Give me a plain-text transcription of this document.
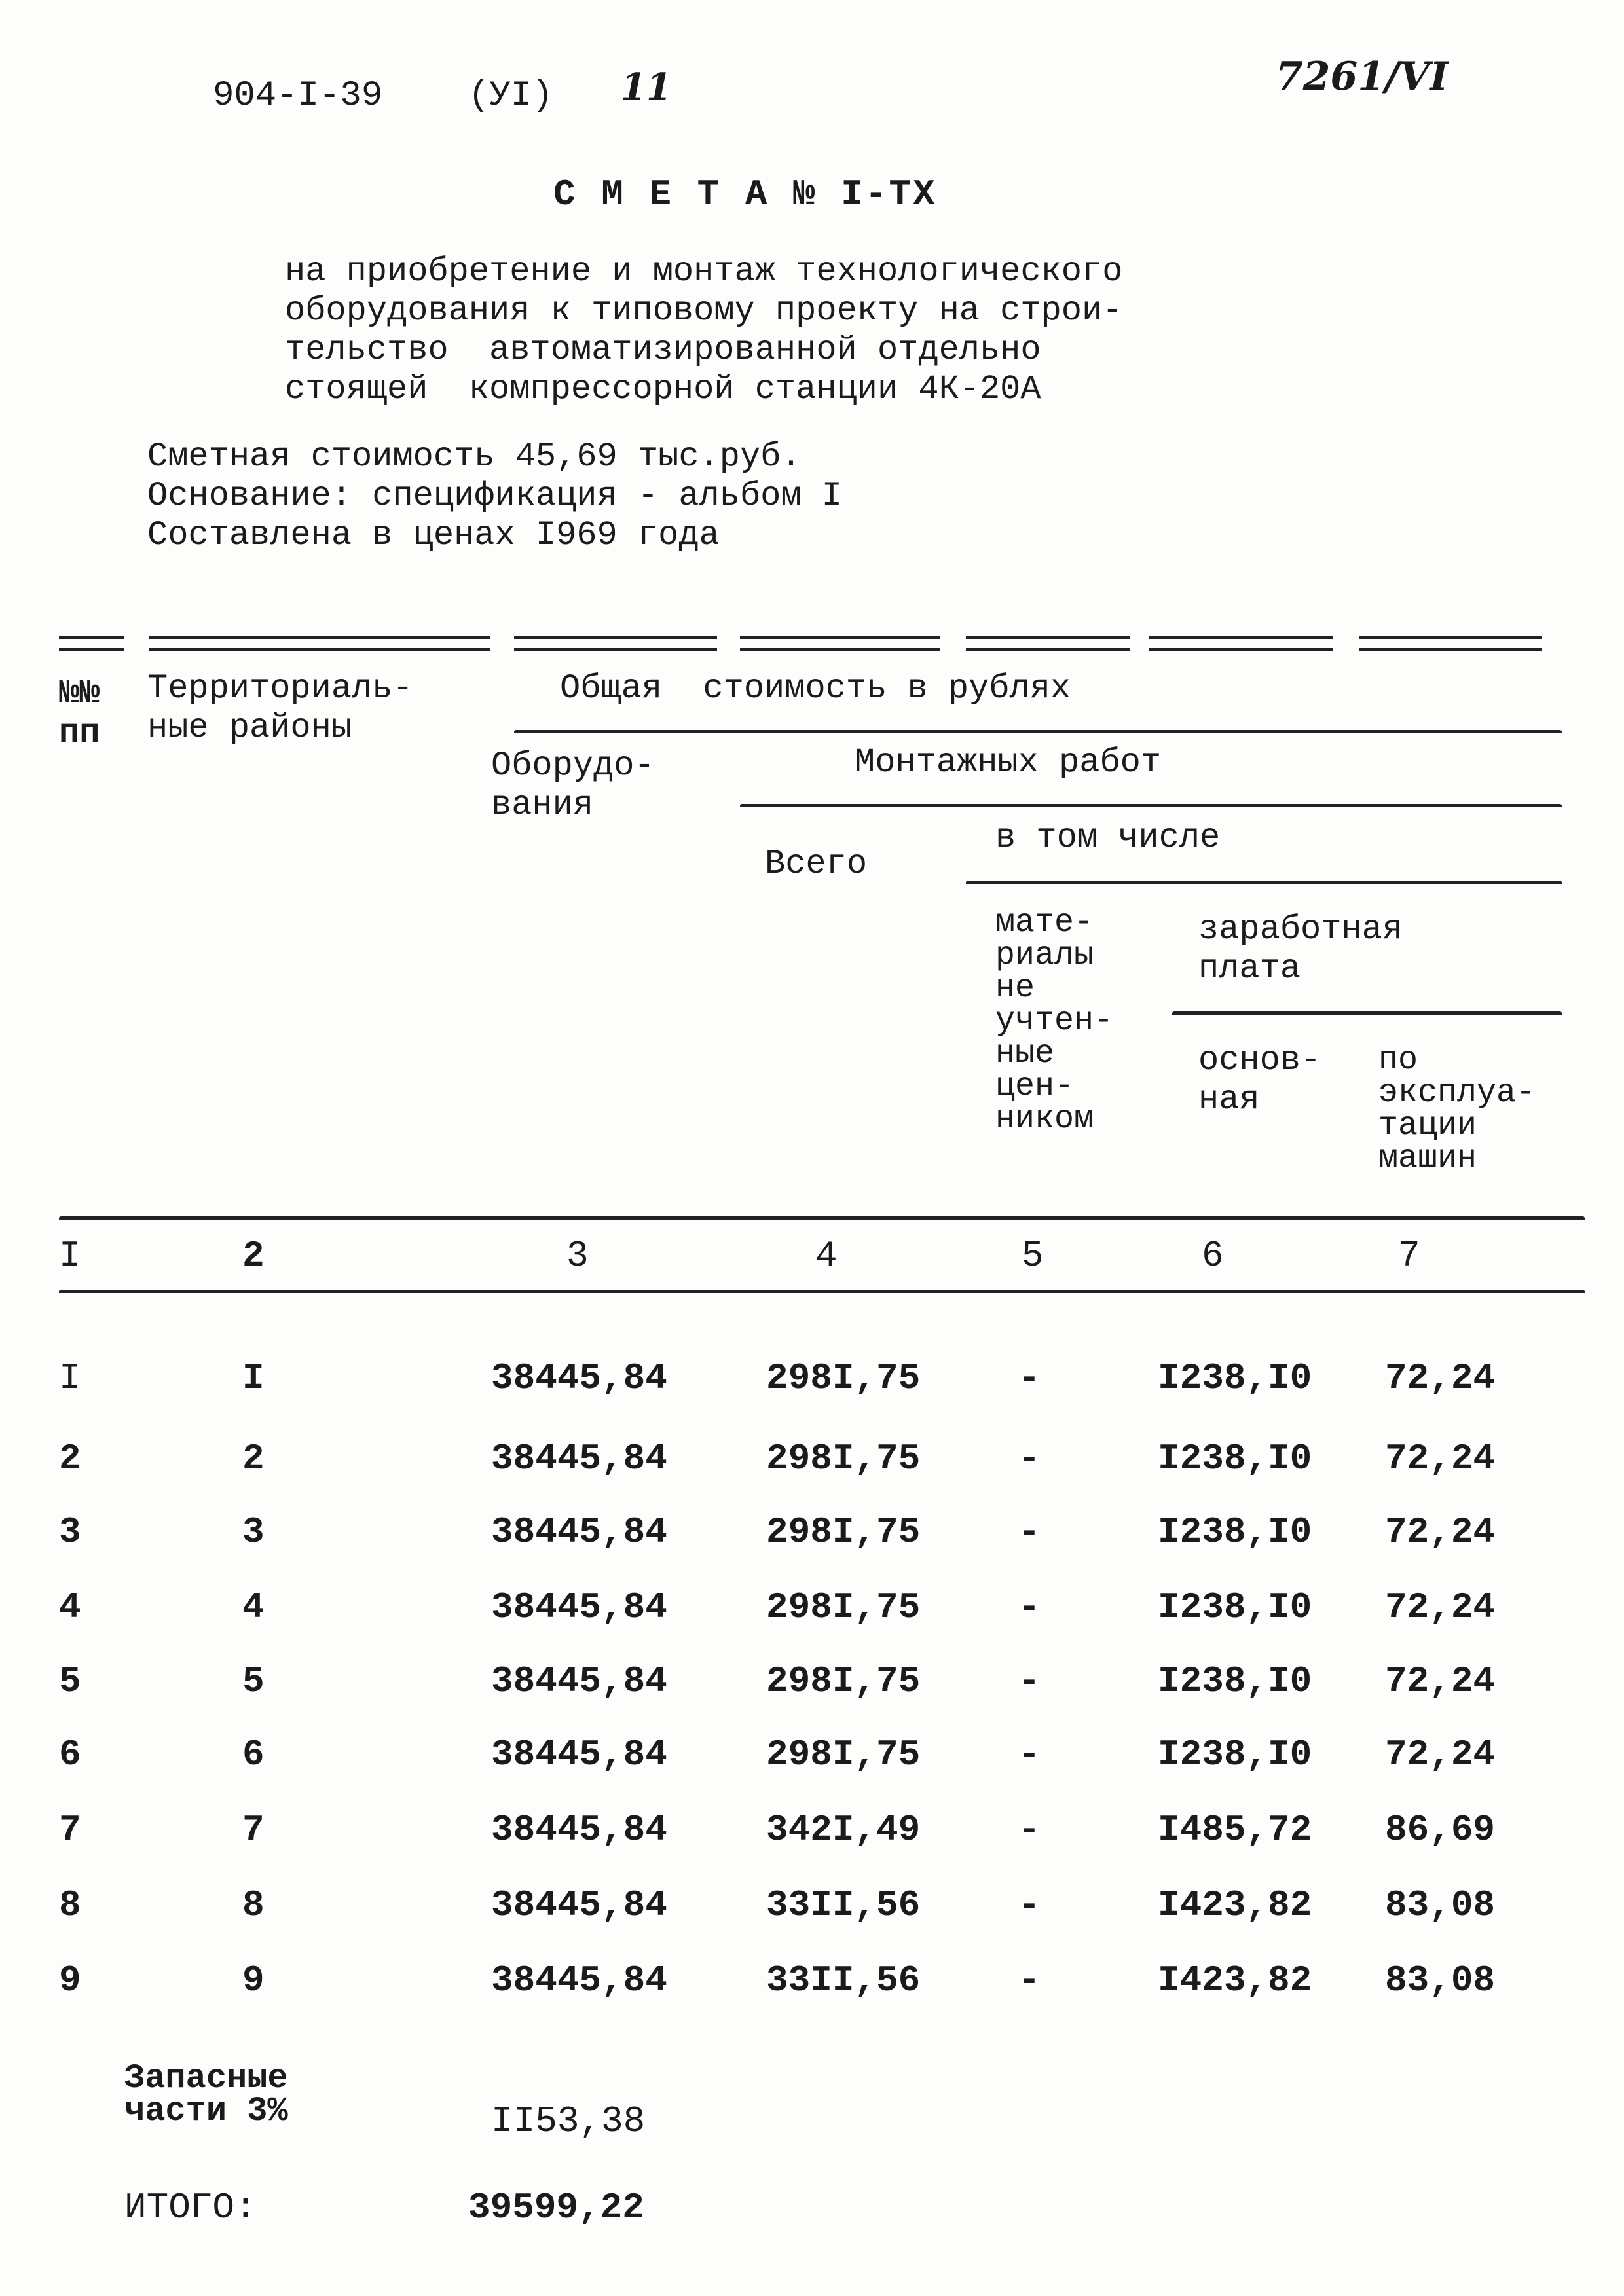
904-I-39 (УI) 11	7261/VI
С М Е Т А № I-ТХ
на приобретение и монтаж технологического
оборудования к типовому проекту на строи-
тельство  автоматизированной отдельно
стоящей  компрессорной станции 4К-20А
Сметная стоимость 45,69 тыс.руб.
Основание: спецификация - альбом I
Составлена в ценах I969 года
№№
пп
Территориаль-
ные районы
Общая  стоимость в рублях
Оборудо-
вания
Монтажных работ
Всего
в том числе
мате-
риалы
не
учтен-
ные
цен-
ником
заработная
плата
основ-
ная
по
эксплуа-
тации
машин
I	2	3	4	5	6	7
I	I	38445,84	298I,75	-	I238,I0 72,24
2	2	38445,84	298I,75	-	I238,I0 72,24
3	3	38445,84	298I,75	-	I238,I0 72,24
4	4	38445,84	298I,75	-	I238,I0 72,24
5	5	38445,84	298I,75	-	I238,I0 72,24
6	6	38445,84	298I,75	-	I238,I0 72,24
7	7	38445,84	342I,49	-	I485,72 86,69
8	8	38445,84	33II,56	-	I423,82 83,08
9	9	38445,84	33II,56	-	I423,82 83,08
Запасные
части 3%	II53,38
ИТОГО:	39599,22
